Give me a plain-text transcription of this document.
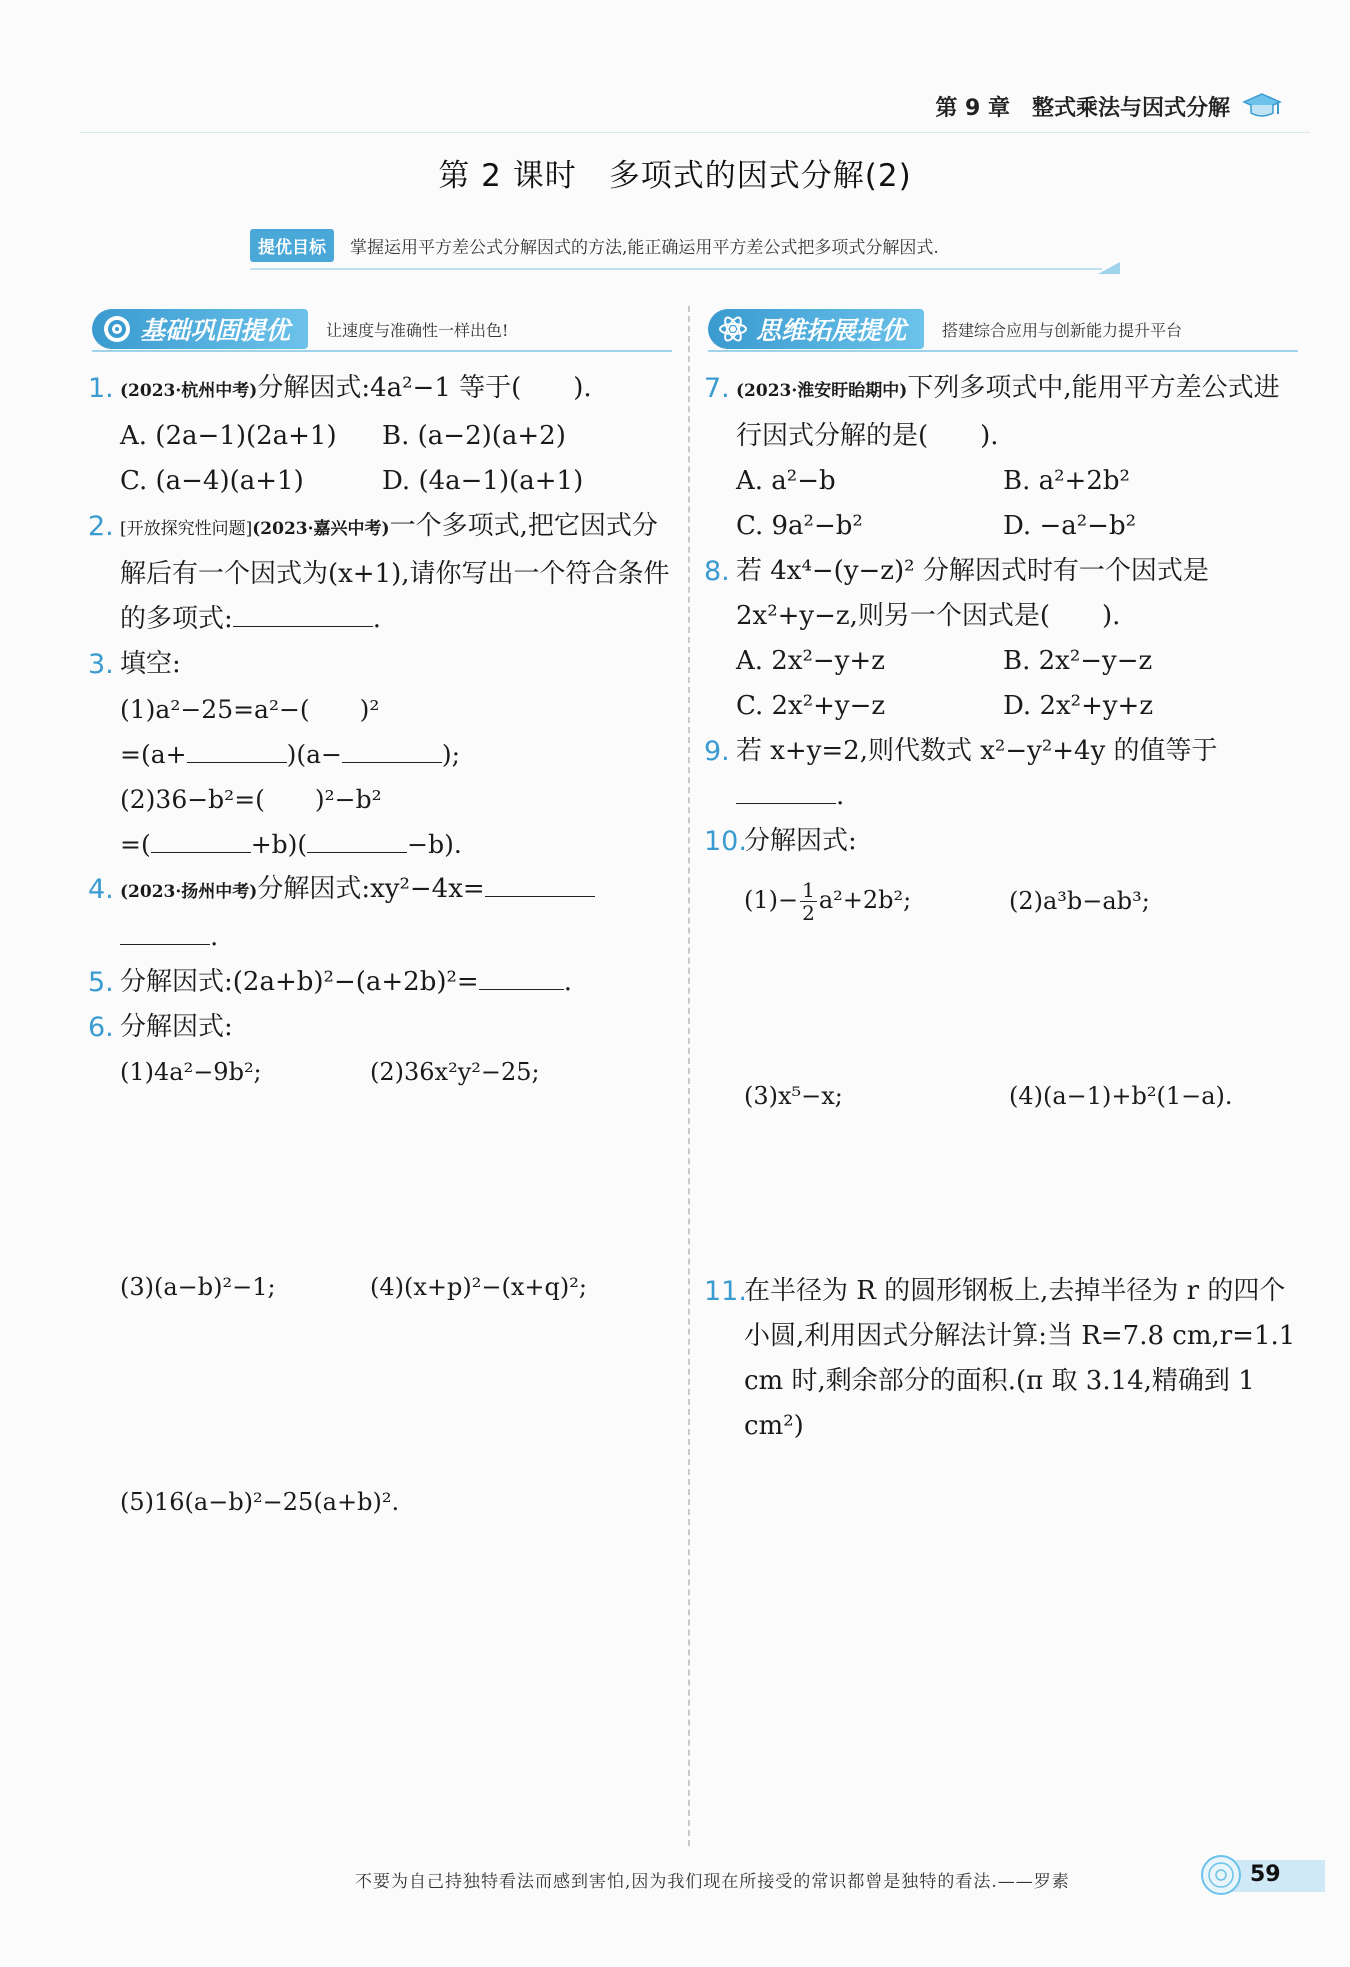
第 9 章　整式乘法与因式分解
第 2 课时　多项式的因式分解(2)
提优目标	掌握运用平方差公式分解因式的方法,能正确运用平方差公式把多项式分解因式.
基础巩固提优 让速度与准确性一样出色!
1. (2023·杭州中考)分解因式:4a²−1 等于(　　).
A. (2a−1)(2a+1)	B. (a−2)(a+2)
C. (a−4)(a+1)	D. (4a−1)(a+1)
2. [开放探究性问题](2023·嘉兴中考)一个多项式,把它因式分解后有一个因式为(x+1),请你写出一个符合条件的多项式:	.
3. 填空:
(1)a²−25=a²−(　　)²
=(a+	)(a−	);
(2)36−b²=(　　)²−b²
=(	+b)(	−b).
4. (2023·扬州中考)分解因式:xy²−4x=
.
5. 分解因式:(2a+b)²−(a+2b)²=	.
6. 分解因式:
(1)4a²−9b²;	(2)36x²y²−25;
(3)(a−b)²−1;	(4)(x+p)²−(x+q)²;
(5)16(a−b)²−25(a+b)².
思维拓展提优 搭建综合应用与创新能力提升平台
7. (2023·淮安盱眙期中)下列多项式中,能用平方差公式进行因式分解的是(　　).
A. a²−b	B. a²+2b²
C. 9a²−b²	D. −a²−b²
8. 若 4x⁴−(y−z)² 分解因式时有一个因式是 2x²+y−z,则另一个因式是(　　).
A. 2x²−y+z	B. 2x²−y−z
C. 2x²+y−z	D. 2x²+y+z
9. 若 x+y=2,则代数式 x²−y²+4y 的值等于
.
10.
分解因式:
$(1)- \frac{1}{2} a^2+2b^2$;	(2)a³b−ab³;
(3)x⁵−x;	(4)(a−1)+b²(1−a).
11.
在半径为 R 的圆形钢板上,去掉半径为 r 的四个小圆,利用因式分解法计算:当 R=7.8 cm,r=1.1 cm 时,剩余部分的面积.(π 取 3.14,精确到 1 cm²)
不要为自己持独特看法而感到害怕,因为我们现在所接受的常识都曾是独特的看法.——罗素	59
